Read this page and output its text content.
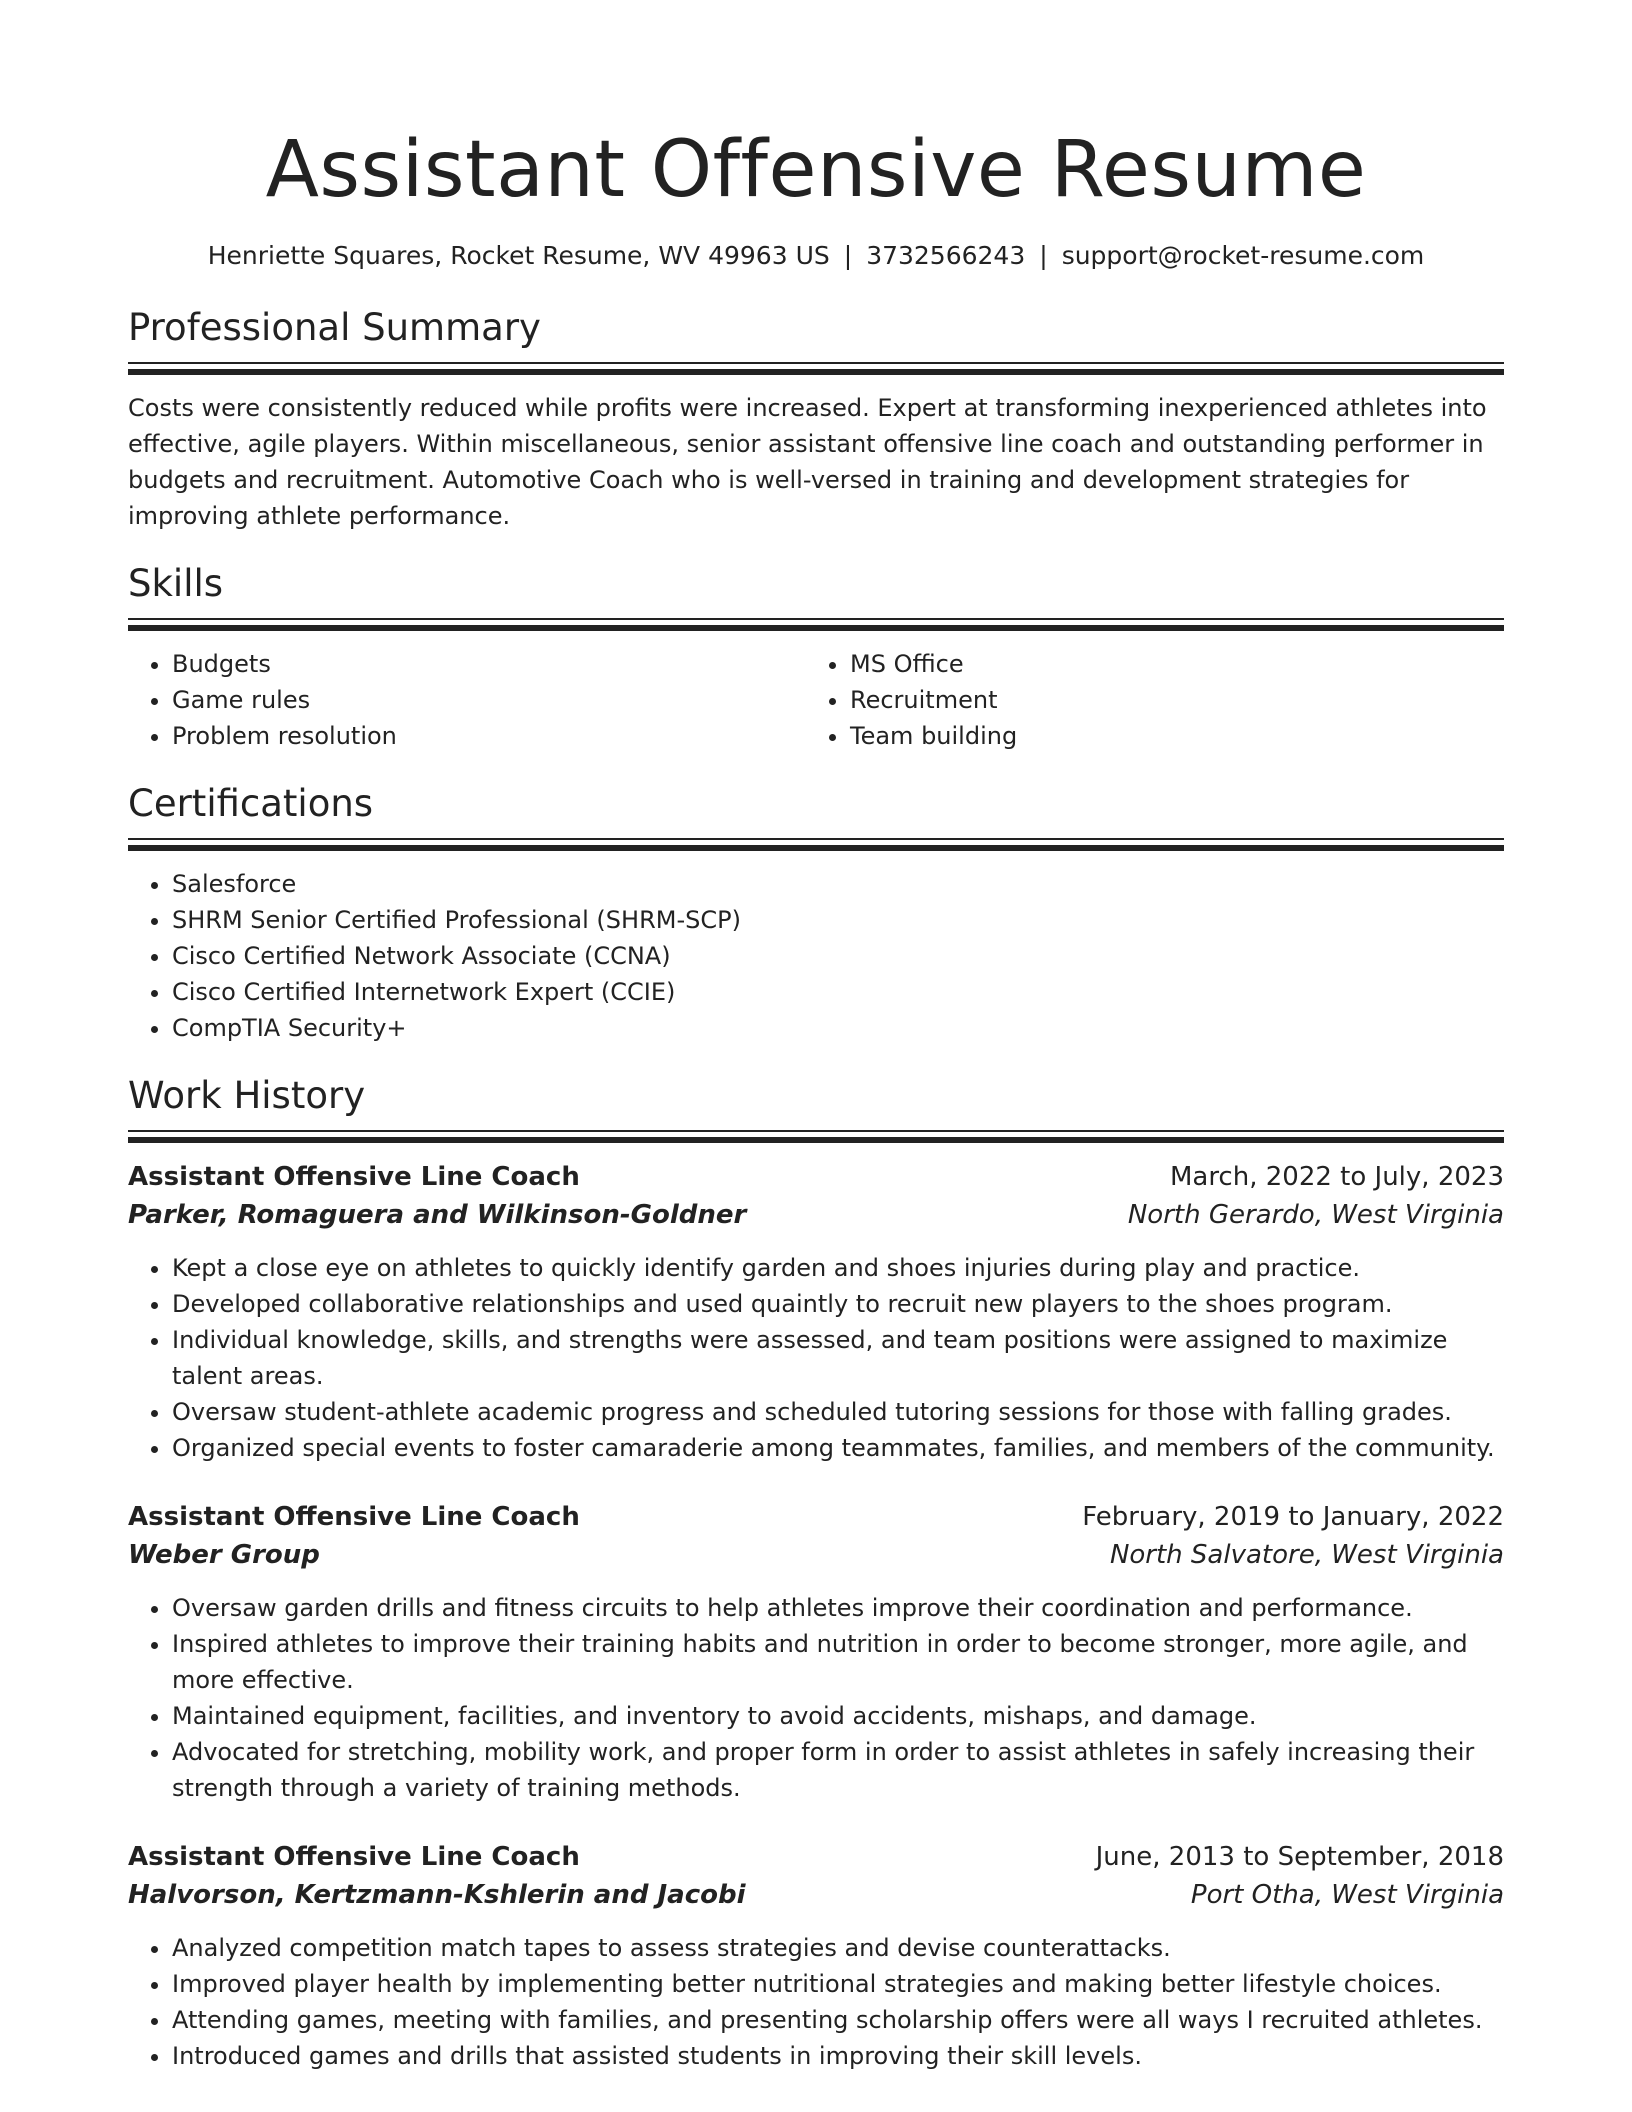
Assistant Offensive Resume
Henriette Squares, Rocket Resume, WV 49963 US | 3732566243 | support@rocket-resume.com
Professional Summary

Costs were consistently reduced while profits were increased. Expert at transforming inexperienced athletes into effective, agile players. Within miscellaneous, senior assistant offensive line coach and outstanding performer in budgets and recruitment. Automotive Coach who is well-versed in training and development strategies for improving athlete performance.

Skills
• Budgets
• Game rules
• Problem resolution
• MS Office
• Recruitment
• Team building
Certifications
• Salesforce
• SHRM Senior Certified Professional (SHRM-SCP)
• Cisco Certified Network Associate (CCNA)
• Cisco Certified Internetwork Expert (CCIE)
• CompTIA Security+
Work History
Assistant Offensive Line Coach	March, 2022 to July, 2023
Parker, Romaguera and Wilkinson-Goldner	North Gerardo, West Virginia
• Kept a close eye on athletes to quickly identify garden and shoes injuries during play and practice.
• Developed collaborative relationships and used quaintly to recruit new players to the shoes program.
• Individual knowledge, skills, and strengths were assessed, and team positions were assigned to maximize talent areas.
• Oversaw student-athlete academic progress and scheduled tutoring sessions for those with falling grades.
• Organized special events to foster camaraderie among teammates, families, and members of the community.
Assistant Offensive Line Coach	February, 2019 to January, 2022
Weber Group	North Salvatore, West Virginia
• Oversaw garden drills and fitness circuits to help athletes improve their coordination and performance.
• Inspired athletes to improve their training habits and nutrition in order to become stronger, more agile, and more effective.
• Maintained equipment, facilities, and inventory to avoid accidents, mishaps, and damage.
• Advocated for stretching, mobility work, and proper form in order to assist athletes in safely increasing their strength through a variety of training methods.
Assistant Offensive Line Coach	June, 2013 to September, 2018
Halvorson, Kertzmann-Kshlerin and Jacobi	Port Otha, West Virginia
• Analyzed competition match tapes to assess strategies and devise counterattacks.
• Improved player health by implementing better nutritional strategies and making better lifestyle choices.
• Attending games, meeting with families, and presenting scholarship offers were all ways I recruited athletes.
• Introduced games and drills that assisted students in improving their skill levels.
